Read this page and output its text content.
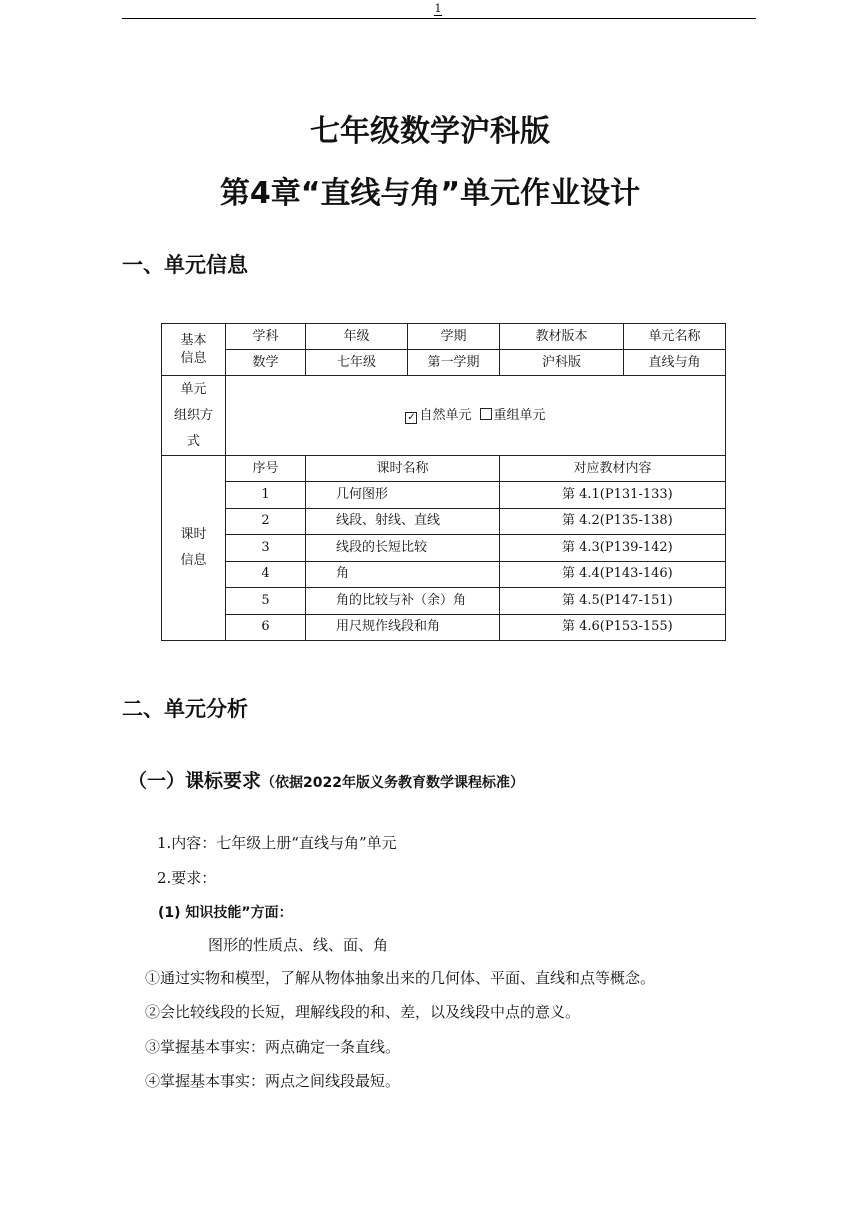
1
七年级数学沪科版
第4章“直线与角”单元作业设计
一、单元信息
基本
信息	学科	年级	学期	教材版本	单元名称
	数学	七年级	第一学期	沪科版	直线与角
单元
组织方
式	✓ 自然单元 重组单元				
课时
信息	序号	课时名称		对应教材内容	
	1	几何图形		第 4.1(P131-133)	
	2	线段、射线、直线		第 4.2(P135-138)	
	3	线段的长短比较		第 4.3(P139-142)	
	4	角		第 4.4(P143-146)	
	5	角的比较与补（余）角		第 4.5(P147-151)	
	6	用尺规作线段和角		第 4.6(P153-155)	
二、单元分析
（一）课标要求（依据2022年版义务教育数学课程标准）
1.内容：七年级上册“直线与角”单元
2.要求：
(1) 知识技能”方面：
图形的性质点、线、面、角
①通过实物和模型，了解从物体抽象出来的几何体、平面、直线和点等概念。
②会比较线段的长短，理解线段的和、差，以及线段中点的意义。
③掌握基本事实：两点确定一条直线。
④掌握基本事实：两点之间线段最短。
